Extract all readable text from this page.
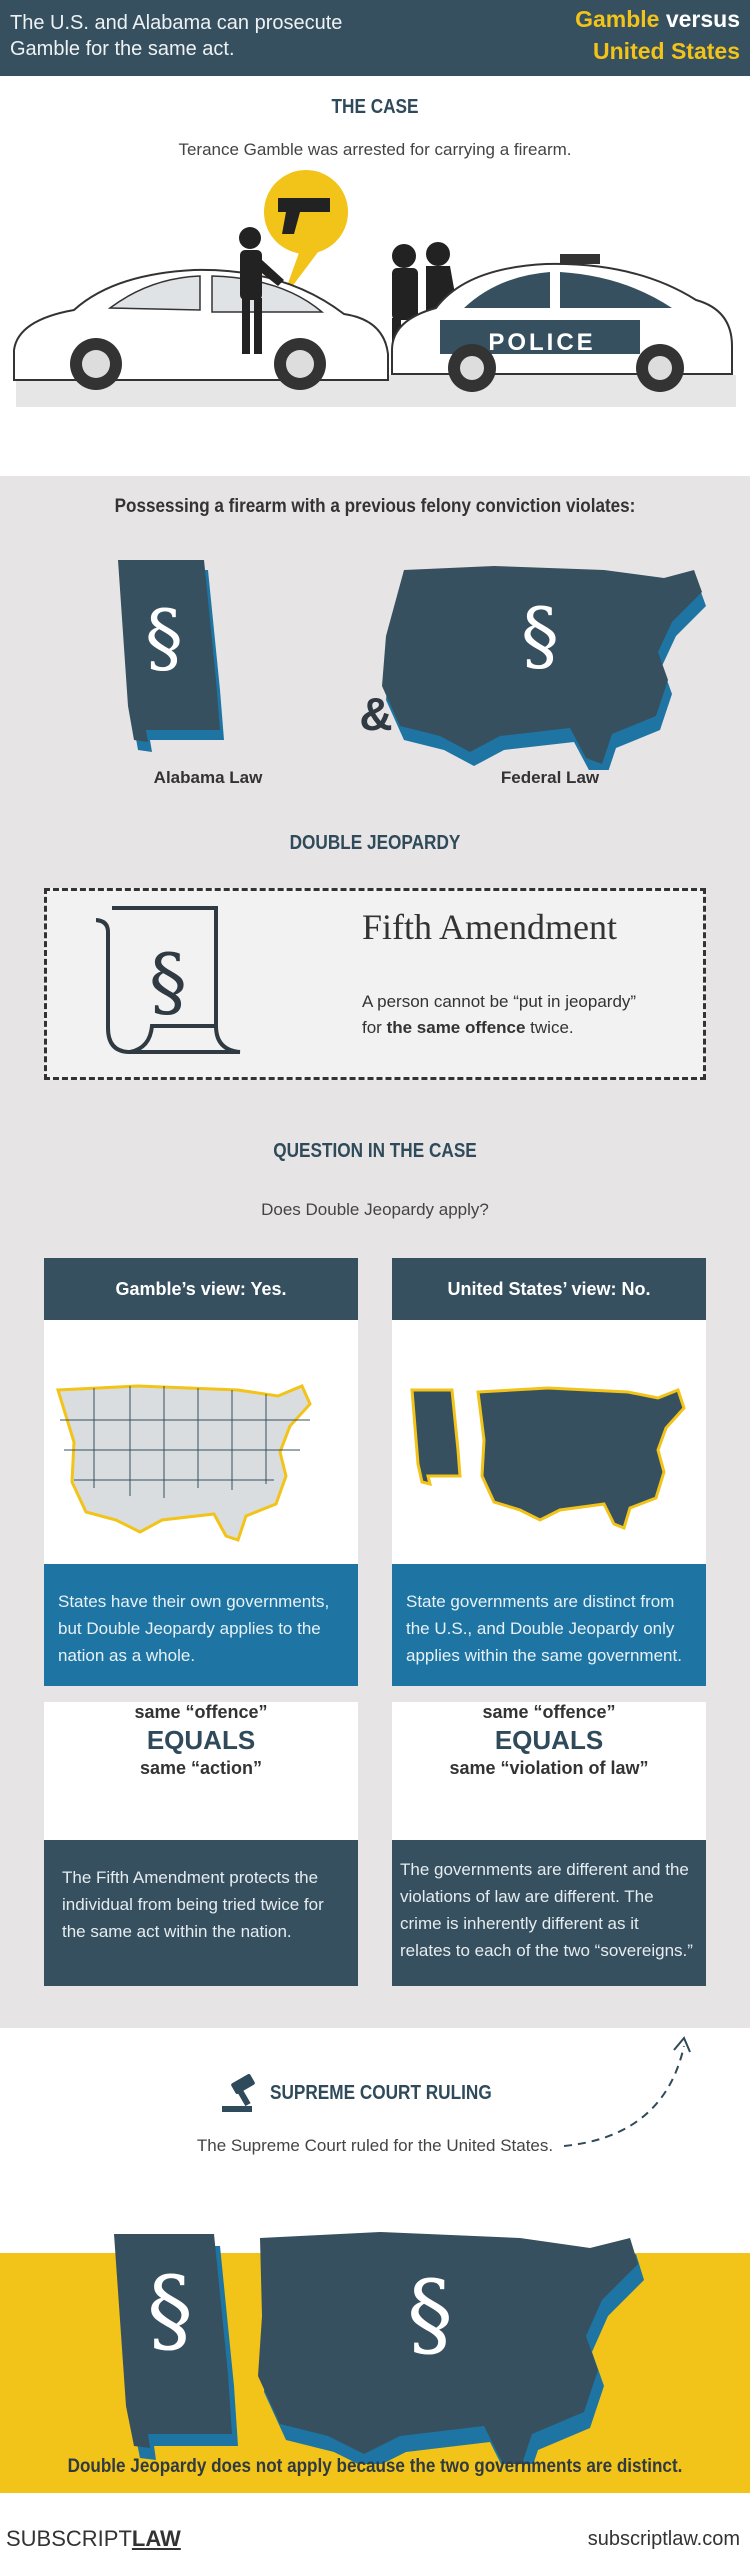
The U.S. and Alabama can prosecute Gamble for the same act.
Gamble versus
United States
THE CASE
Terance Gamble was arrested for carrying a firearm.
POLICE
Possessing a firearm with a previous felony conviction violates:
§
&
§
Alabama Law	Federal Law
DOUBLE JEOPARDY
§
Fifth Amendment
A person cannot be “put in jeopardy”
for the same offence twice.
QUESTION IN THE CASE
Does Double Jeopardy apply?
Gamble’s view: Yes.
States have their own governments, but Double Jeopardy applies to the nation as a whole.
same “offence”
EQUALS
same “action”
The Fifth Amendment protects the individual from being tried twice for the same act within the nation.
United States’ view: No.
State governments are distinct from the U.S., and Double Jeopardy only applies within the same government.
same “offence”
EQUALS
same “violation of law”
The governments are different and the violations of law are different. The crime is inherently different as it relates to each of the two “sovereigns.”
SUPREME COURT RULING
The Supreme Court ruled for the United States.
§ §
Double Jeopardy does not apply because the two governments are distinct.
SUBSCRIPTLAW	subscriptlaw.com
